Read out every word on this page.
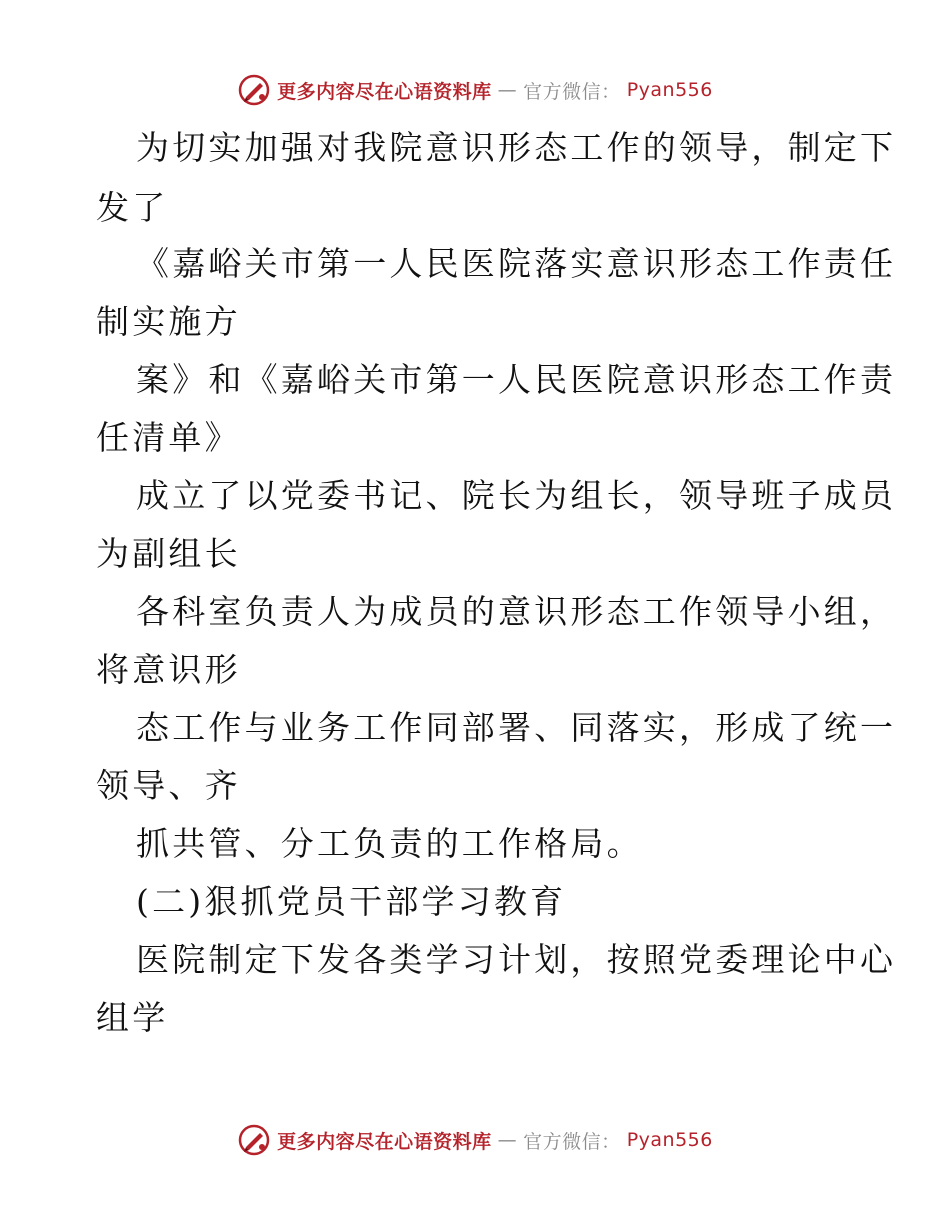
更多内容尽在心语资料库 — 官方微信： Pyan556
为切实加强对我院意识形态工作的领导，制定下
发了
《嘉峪关市第一人民医院落实意识形态工作责任
制实施方
案》和《嘉峪关市第一人民医院意识形态工作责
任清单》
成立了以党委书记、院长为组长，领导班子成员
为副组长
各科室负责人为成员的意识形态工作领导小组，
将意识形
态工作与业务工作同部署、同落实，形成了统一
领导、齐
抓共管、分工负责的工作格局。
(二)狠抓党员干部学习教育
医院制定下发各类学习计划，按照党委理论中心
组学
更多内容尽在心语资料库 — 官方微信： Pyan556
